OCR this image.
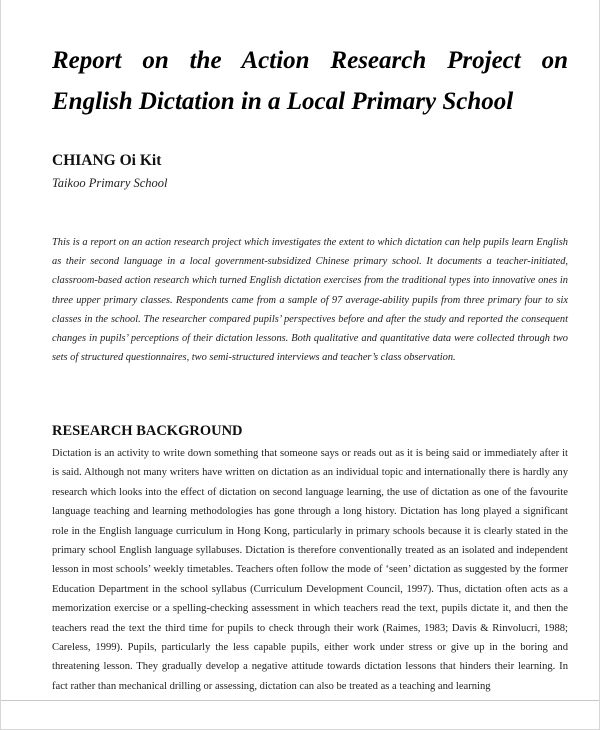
Report on the Action Research Project on
English Dictation in a Local Primary School
CHIANG Oi Kit
Taikoo Primary School

This is a report on an action research project which investigates the extent to which dictation can help pupils learn English as their second language in a local government-subsidized Chinese primary school. It documents a teacher-initiated, classroom-based action research which turned English dictation exercises from the traditional types into innovative ones in three upper primary classes. Respondents came from a sample of 97 average-ability pupils from three primary four to six classes in the school. The researcher compared pupils’ perspectives before and after the study and reported the consequent changes in pupils’ perceptions of their dictation lessons. Both qualitative and quantitative data were collected through two sets of structured questionnaires, two semi-structured interviews and teacher’s class observation.

RESEARCH BACKGROUND
Dictation is an activity to write down something that someone says or reads out as it is being said or immediately after it is said. Although not many writers have written on dictation as an individual topic and internationally there is hardly any research which looks into the effect of dictation on second language learning, the use of dictation as one of the favourite language teaching and learning methodologies has gone through a long history. Dictation has long played a significant role in the English language curriculum in Hong Kong, particularly in primary schools because it is clearly stated in the primary school English language syllabuses. Dictation is therefore conventionally treated as an isolated and independent lesson in most schools’ weekly timetables. Teachers often follow the mode of ‘seen’ dictation as suggested by the former Education Department in the school syllabus (Curriculum Development Council, 1997). Thus, dictation often acts as a memorization exercise or a spelling-checking assessment in which teachers read the text, pupils dictate it, and then the teachers read the text the third time for pupils to check through their work (Raimes, 1983; Davis & Rinvolucri, 1988; Careless, 1999). Pupils, particularly the less capable pupils, either work under stress or give up in the boring and threatening lesson. They gradually develop a negative attitude towards dictation lessons that hinders their learning. In fact rather than mechanical drilling or assessing, dictation can also be treated as a teaching and learning
